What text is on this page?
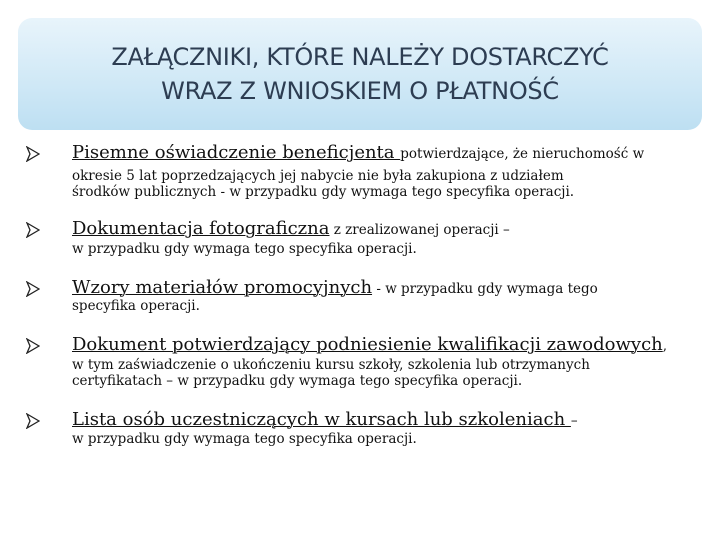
ZAŁĄCZNIKI, KTÓRE NALEŻY DOSTARCZYĆ
WRAZ Z WNIOSKIEM O PŁATNOŚĆ
Pisemne oświadczenie beneficjenta potwierdzające, że nieruchomość w
okresie 5 lat poprzedzających jej nabycie nie była zakupiona z udziałem
środków publicznych - w przypadku gdy wymaga tego specyfika operacji.
Dokumentacja fotograficzna z zrealizowanej operacji –
w przypadku gdy wymaga tego specyfika operacji.
Wzory materiałów promocyjnych - w przypadku gdy wymaga tego
specyfika operacji.
Dokument potwierdzający podniesienie kwalifikacji zawodowych,
w tym zaświadczenie o ukończeniu kursu szkoły, szkolenia lub otrzymanych
certyfikatach – w przypadku gdy wymaga tego specyfika operacji.
Lista osób uczestniczących w kursach lub szkoleniach –
w przypadku gdy wymaga tego specyfika operacji.
